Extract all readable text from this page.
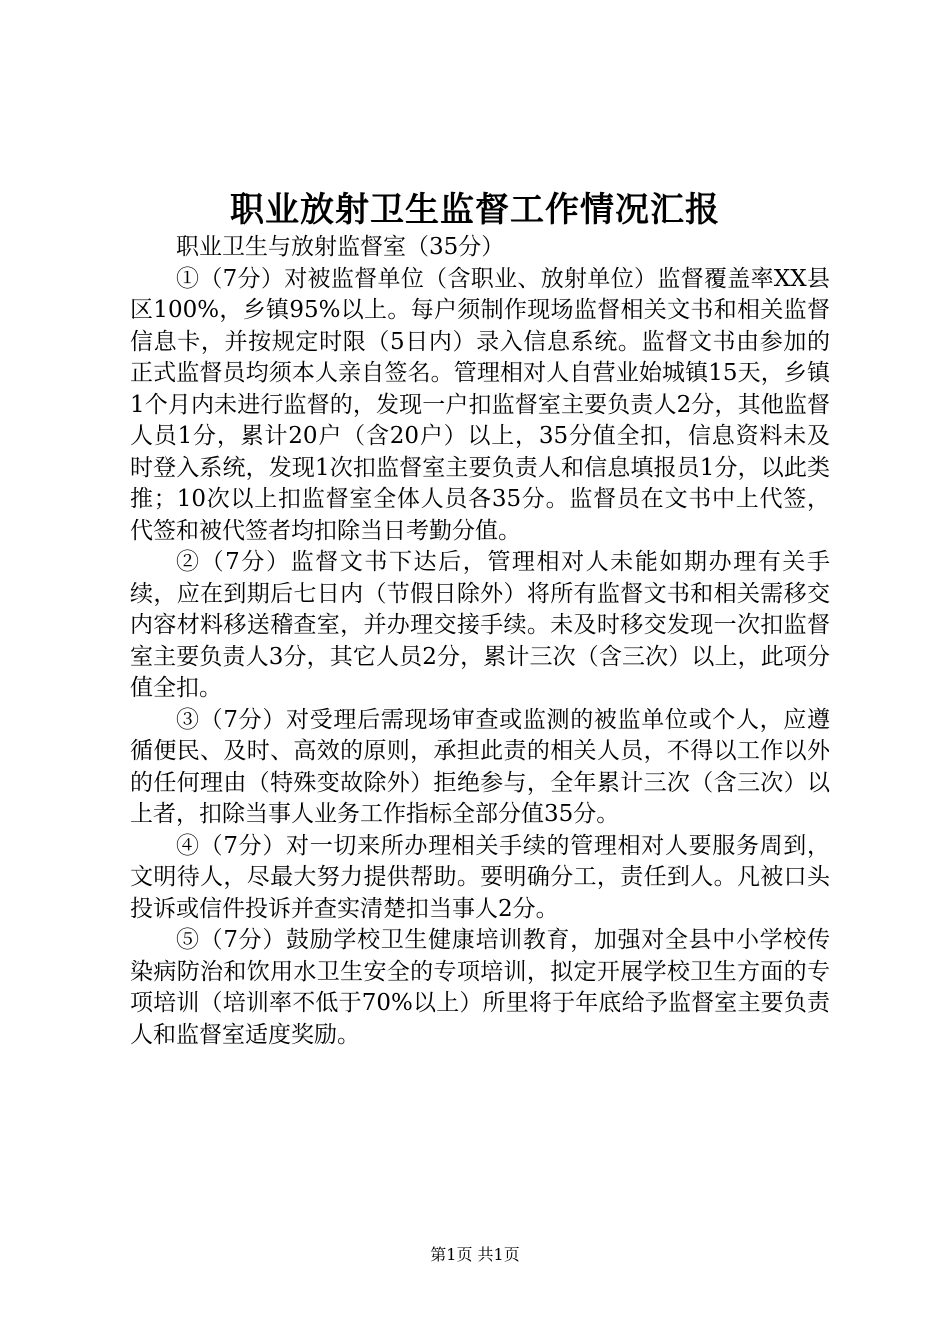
职业放射卫生监督工作情况汇报

职业卫生与放射监督室（35分）

①（7分）对被监督单位（含职业、放射单位）监督覆盖率XX县区100%，乡镇95%以上。每户须制作现场监督相关文书和相关监督信息卡，并按规定时限（5日内）录入信息系统。监督文书由参加的正式监督员均须本人亲自签名。管理相对人自营业始城镇15天，乡镇1个月内未进行监督的，发现一户扣监督室主要负责人2分，其他监督人员1分，累计20户（含20户）以上，35分值全扣，信息资料未及时登入系统，发现1次扣监督室主要负责人和信息填报员1分，以此类推；10次以上扣监督室全体人员各35分。监督员在文书中上代签，代签和被代签者均扣除当日考勤分值。

②（7分）监督文书下达后，管理相对人未能如期办理有关手续，应在到期后七日内（节假日除外）将所有监督文书和相关需移交内容材料移送稽查室，并办理交接手续。未及时移交发现一次扣监督室主要负责人3分，其它人员2分，累计三次（含三次）以上，此项分值全扣。

③（7分）对受理后需现场审查或监测的被监单位或个人，应遵循便民、及时、高效的原则，承担此责的相关人员，不得以工作以外的任何理由（特殊变故除外）拒绝参与，全年累计三次（含三次）以上者，扣除当事人业务工作指标全部分值35分。

④（7分）对一切来所办理相关手续的管理相对人要服务周到，文明待人，尽最大努力提供帮助。要明确分工，责任到人。凡被口头投诉或信件投诉并查实清楚扣当事人2分。

⑤（7分）鼓励学校卫生健康培训教育，加强对全县中小学校传染病防治和饮用水卫生安全的专项培训，拟定开展学校卫生方面的专项培训（培训率不低于70%以上）所里将于年底给予监督室主要负责人和监督室适度奖励。

第1页 共1页
